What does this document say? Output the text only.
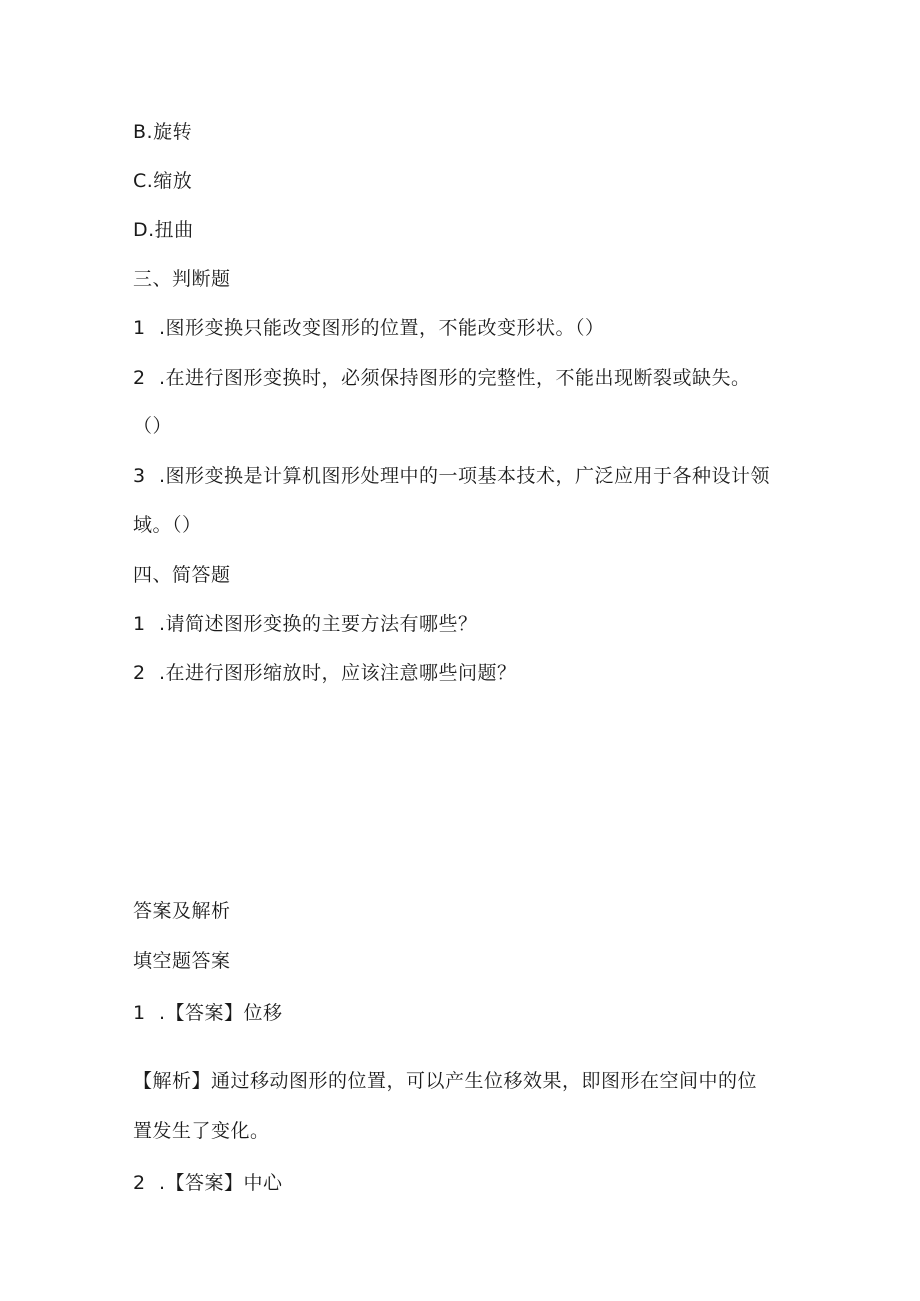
B.旋转
C.缩放
D.扭曲
三、判断题
1 .图形变换只能改变图形的位置，不能改变形状。（）
2 .在进行图形变换时，必须保持图形的完整性，不能出现断裂或缺失。
（）
3 .图形变换是计算机图形处理中的一项基本技术，广泛应用于各种设计领
域。（）
四、简答题
1 .请简述图形变换的主要方法有哪些？
2 .在进行图形缩放时，应该注意哪些问题？
答案及解析
填空题答案
1 .【答案】位移
【解析】通过移动图形的位置，可以产生位移效果，即图形在空间中的位
置发生了变化。
2 .【答案】中心
